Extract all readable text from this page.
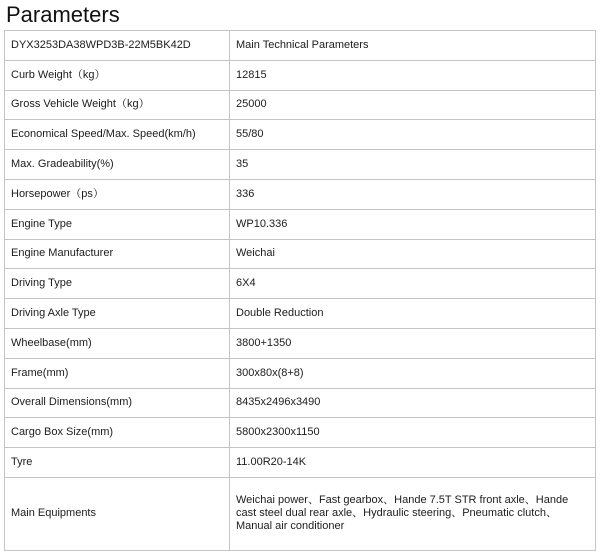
Parameters
DYX3253DA38WPD3B-22M5BK42D	Main Technical Parameters
Curb Weight（kg）	12815
Gross Vehicle Weight（kg）	25000
Economical Speed/Max. Speed(km/h)	55/80
Max. Gradeability(%)	35
Horsepower（ps）	336
Engine Type	WP10.336
Engine Manufacturer	Weichai
Driving Type	6X4
Driving Axle Type	Double Reduction
Wheelbase(mm)	3800+1350
Frame(mm)	300x80x(8+8)
Overall Dimensions(mm)	8435x2496x3490
Cargo Box Size(mm)	5800x2300x1150
Tyre	11.00R20-14K
Main Equipments	Weichai power、Fast gearbox、Hande 7.5T STR front axle、Hande cast steel dual rear axle、Hydraulic steering、Pneumatic clutch、Manual air conditioner
